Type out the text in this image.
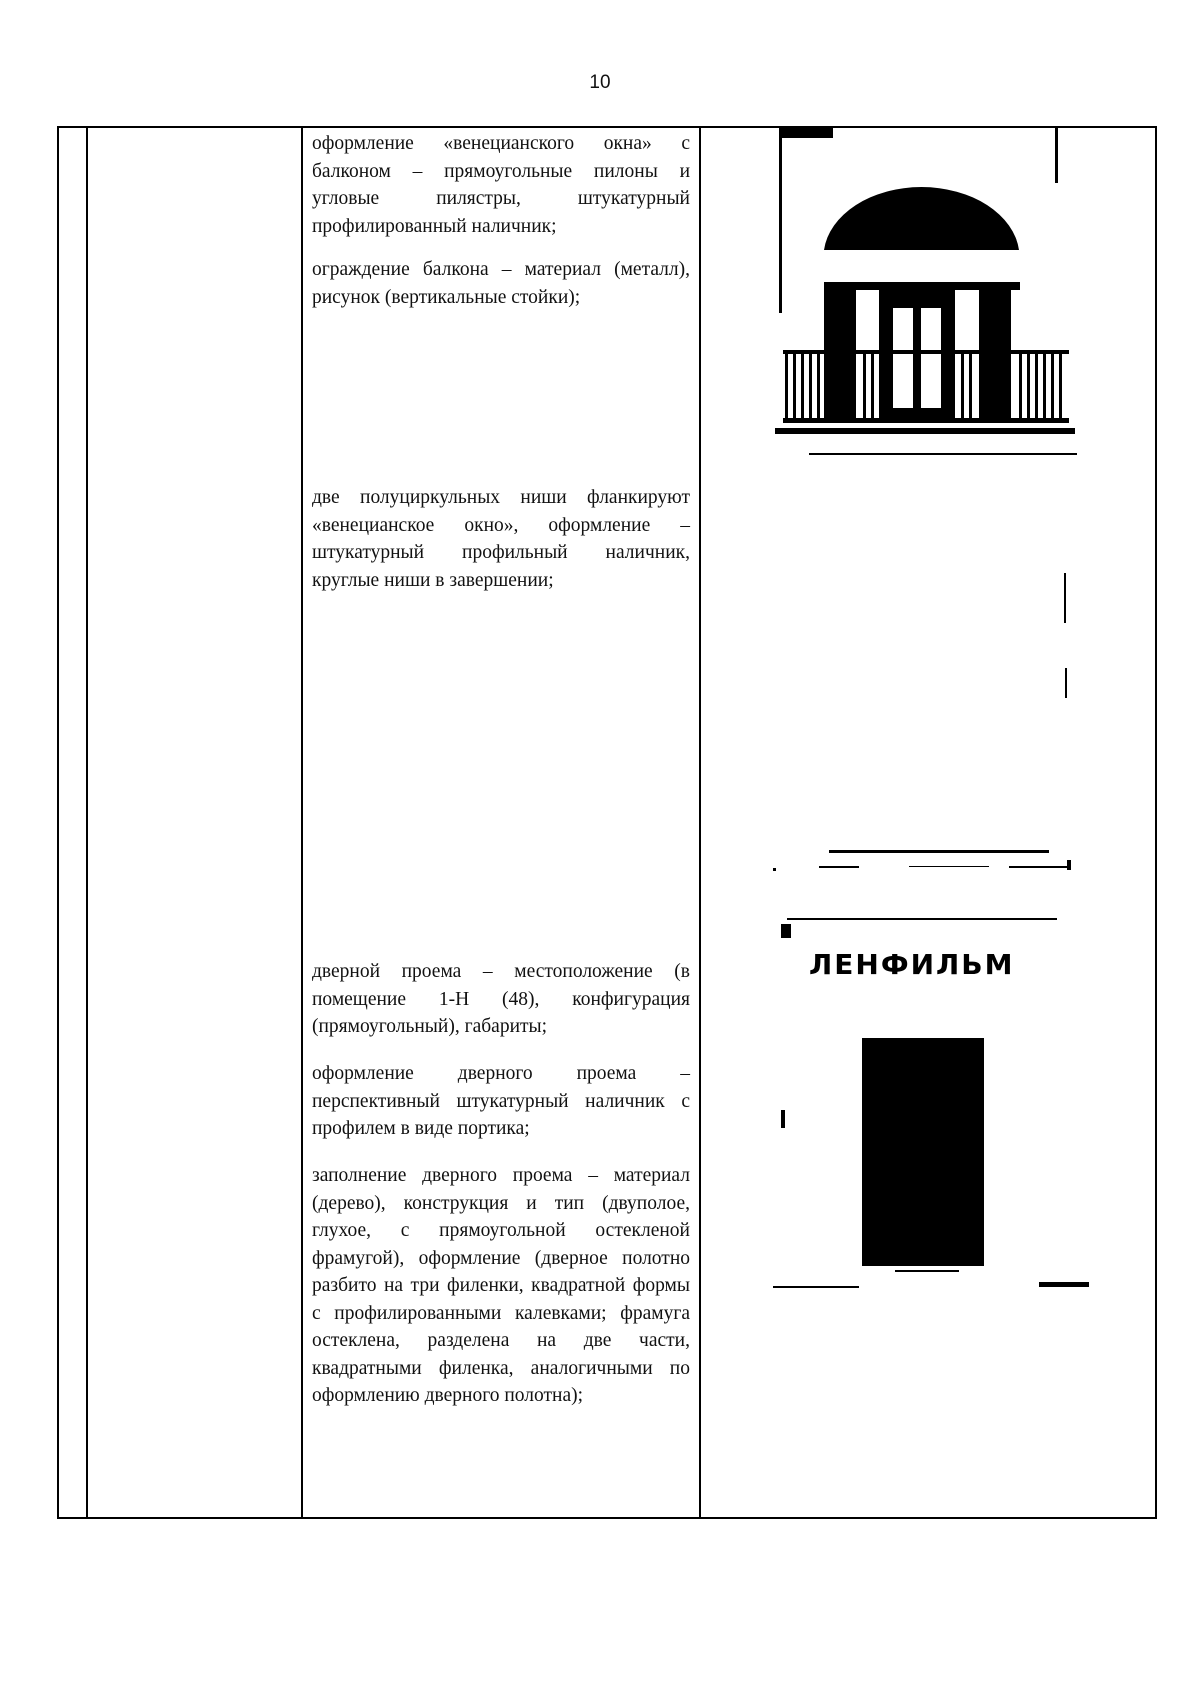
10

оформление «венецианского окна» с балконом – прямоугольные пилоны и угловые пилястры, штукатурный профилированный наличник;

ограждение балкона – материал (металл), рисунок (вертикальные стойки);

две полуциркульных ниши фланкируют «венецианское окно», оформление – штукатурный профильный наличник, круглые ниши в завершении;

дверной проема – местоположение (в помещение 1-Н (48), конфигурация (прямоугольный), габариты;

оформление дверного проема – перспективный штукатурный наличник с профилем в виде портика;

заполнение дверного проема – материал (дерево), конструкция и тип (двуполое, глухое, с прямоугольной остекленой фрамугой), оформление (дверное полотно разбито на три филенки, квадратной формы с профилированными калевками; фрамуга остеклена, разделена на две части, квадратными филенка, аналогичными по оформлению дверного полотна);

ЛЕНФИЛЬМ
